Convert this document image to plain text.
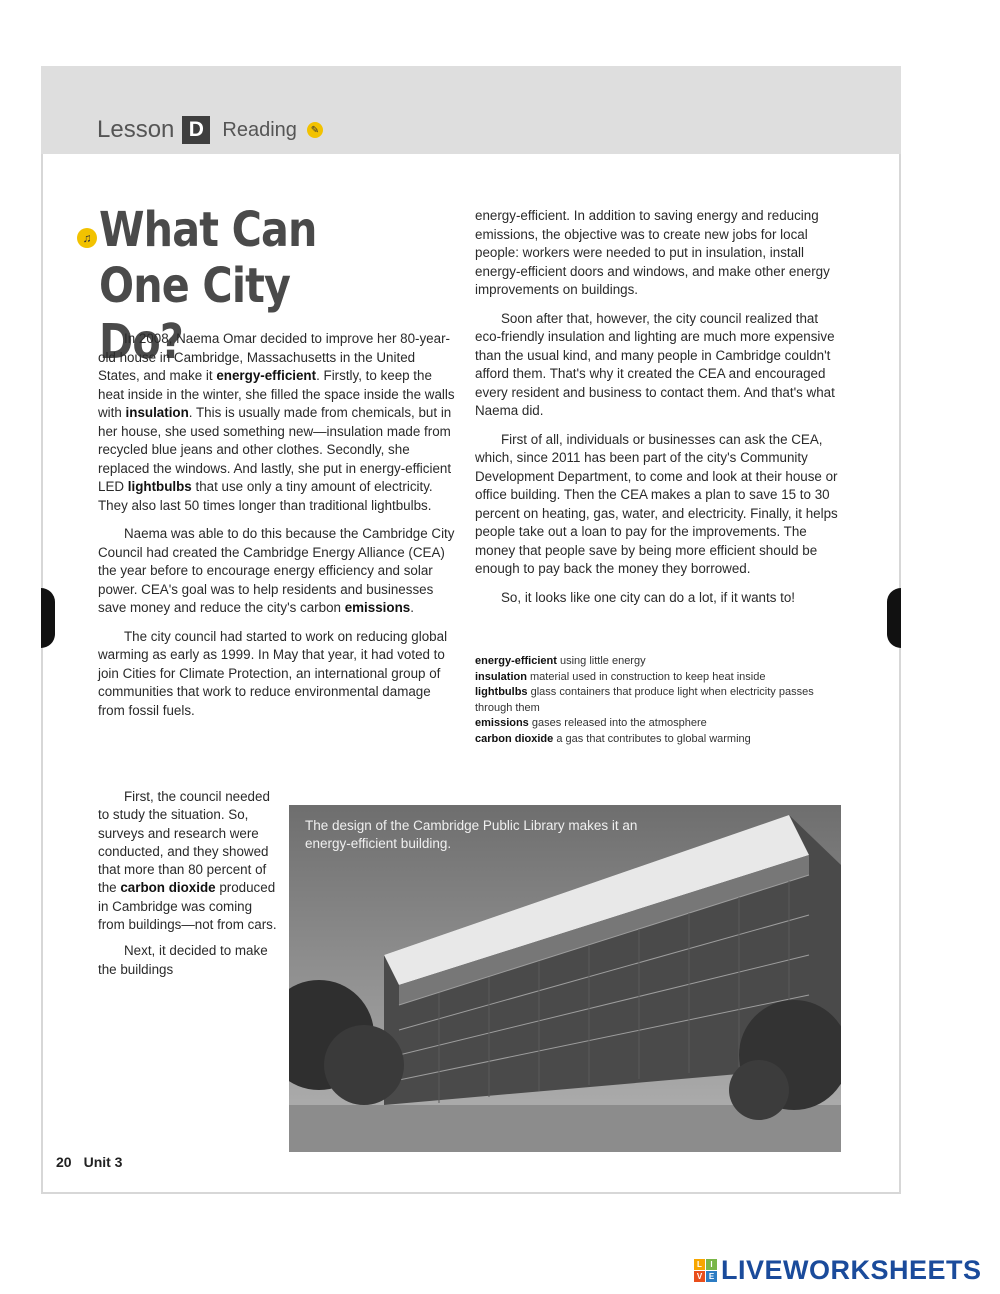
Lesson D Reading	✎
♫ What Can
One City Do?

In 2008, Naema Omar decided to improve her 80-year-old house in Cambridge, Massachusetts in the United States, and make it energy-efficient. Firstly, to keep the heat inside in the winter, she filled the space inside the walls with insulation. This is usually made from chemicals, but in her house, she used something new—insulation made from recycled blue jeans and other clothes. Secondly, she replaced the windows. And lastly, she put in energy-efficient LED lightbulbs that use only a tiny amount of electricity. They also last 50 times longer than traditional lightbulbs.

Naema was able to do this because the Cambridge City Council had created the Cambridge Energy Alliance (CEA) the year before to encourage energy efficiency and solar power. CEA's goal was to help residents and businesses save money and reduce the city's carbon emissions.

The city council had started to work on reducing global warming as early as 1999. In May that year, it had voted to join Cities for Climate Protection, an international group of communities that work to reduce environmental damage from fossil fuels.

First, the council needed to study the situation. So, surveys and research were conducted, and they showed that more than 80 percent of the carbon dioxide produced in Cambridge was coming from buildings—not from cars.

Next, it decided to make the buildings

energy-efficient. In addition to saving energy and reducing emissions, the objective was to create new jobs for local people: workers were needed to put in insulation, install energy-efficient doors and windows, and make other energy improvements on buildings.

Soon after that, however, the city council realized that eco-friendly insulation and lighting are much more expensive than the usual kind, and many people in Cambridge couldn't afford them. That's why it created the CEA and encouraged every resident and business to contact them. And that's what Naema did.

First of all, individuals or businesses can ask the CEA, which, since 2011 has been part of the city's Community Development Department, to come and look at their house or office building. Then the CEA makes a plan to save 15 to 30 percent on heating, gas, water, and electricity. Finally, it helps people take out a loan to pay for the improvements. The money that people save by being more efficient should be enough to pay back the money they borrowed.

So, it looks like one city can do a lot, if it wants to!

energy-efficient using little energy
insulation material used in construction to keep heat inside
lightbulbs glass containers that produce light when electricity passes through them
emissions gases released into the atmosphere
carbon dioxide a gas that contributes to global warming
The design of the Cambridge Public Library makes it an energy-efficient building.
20 Unit 3
L	I
V E LIVEWORKSHEETS
